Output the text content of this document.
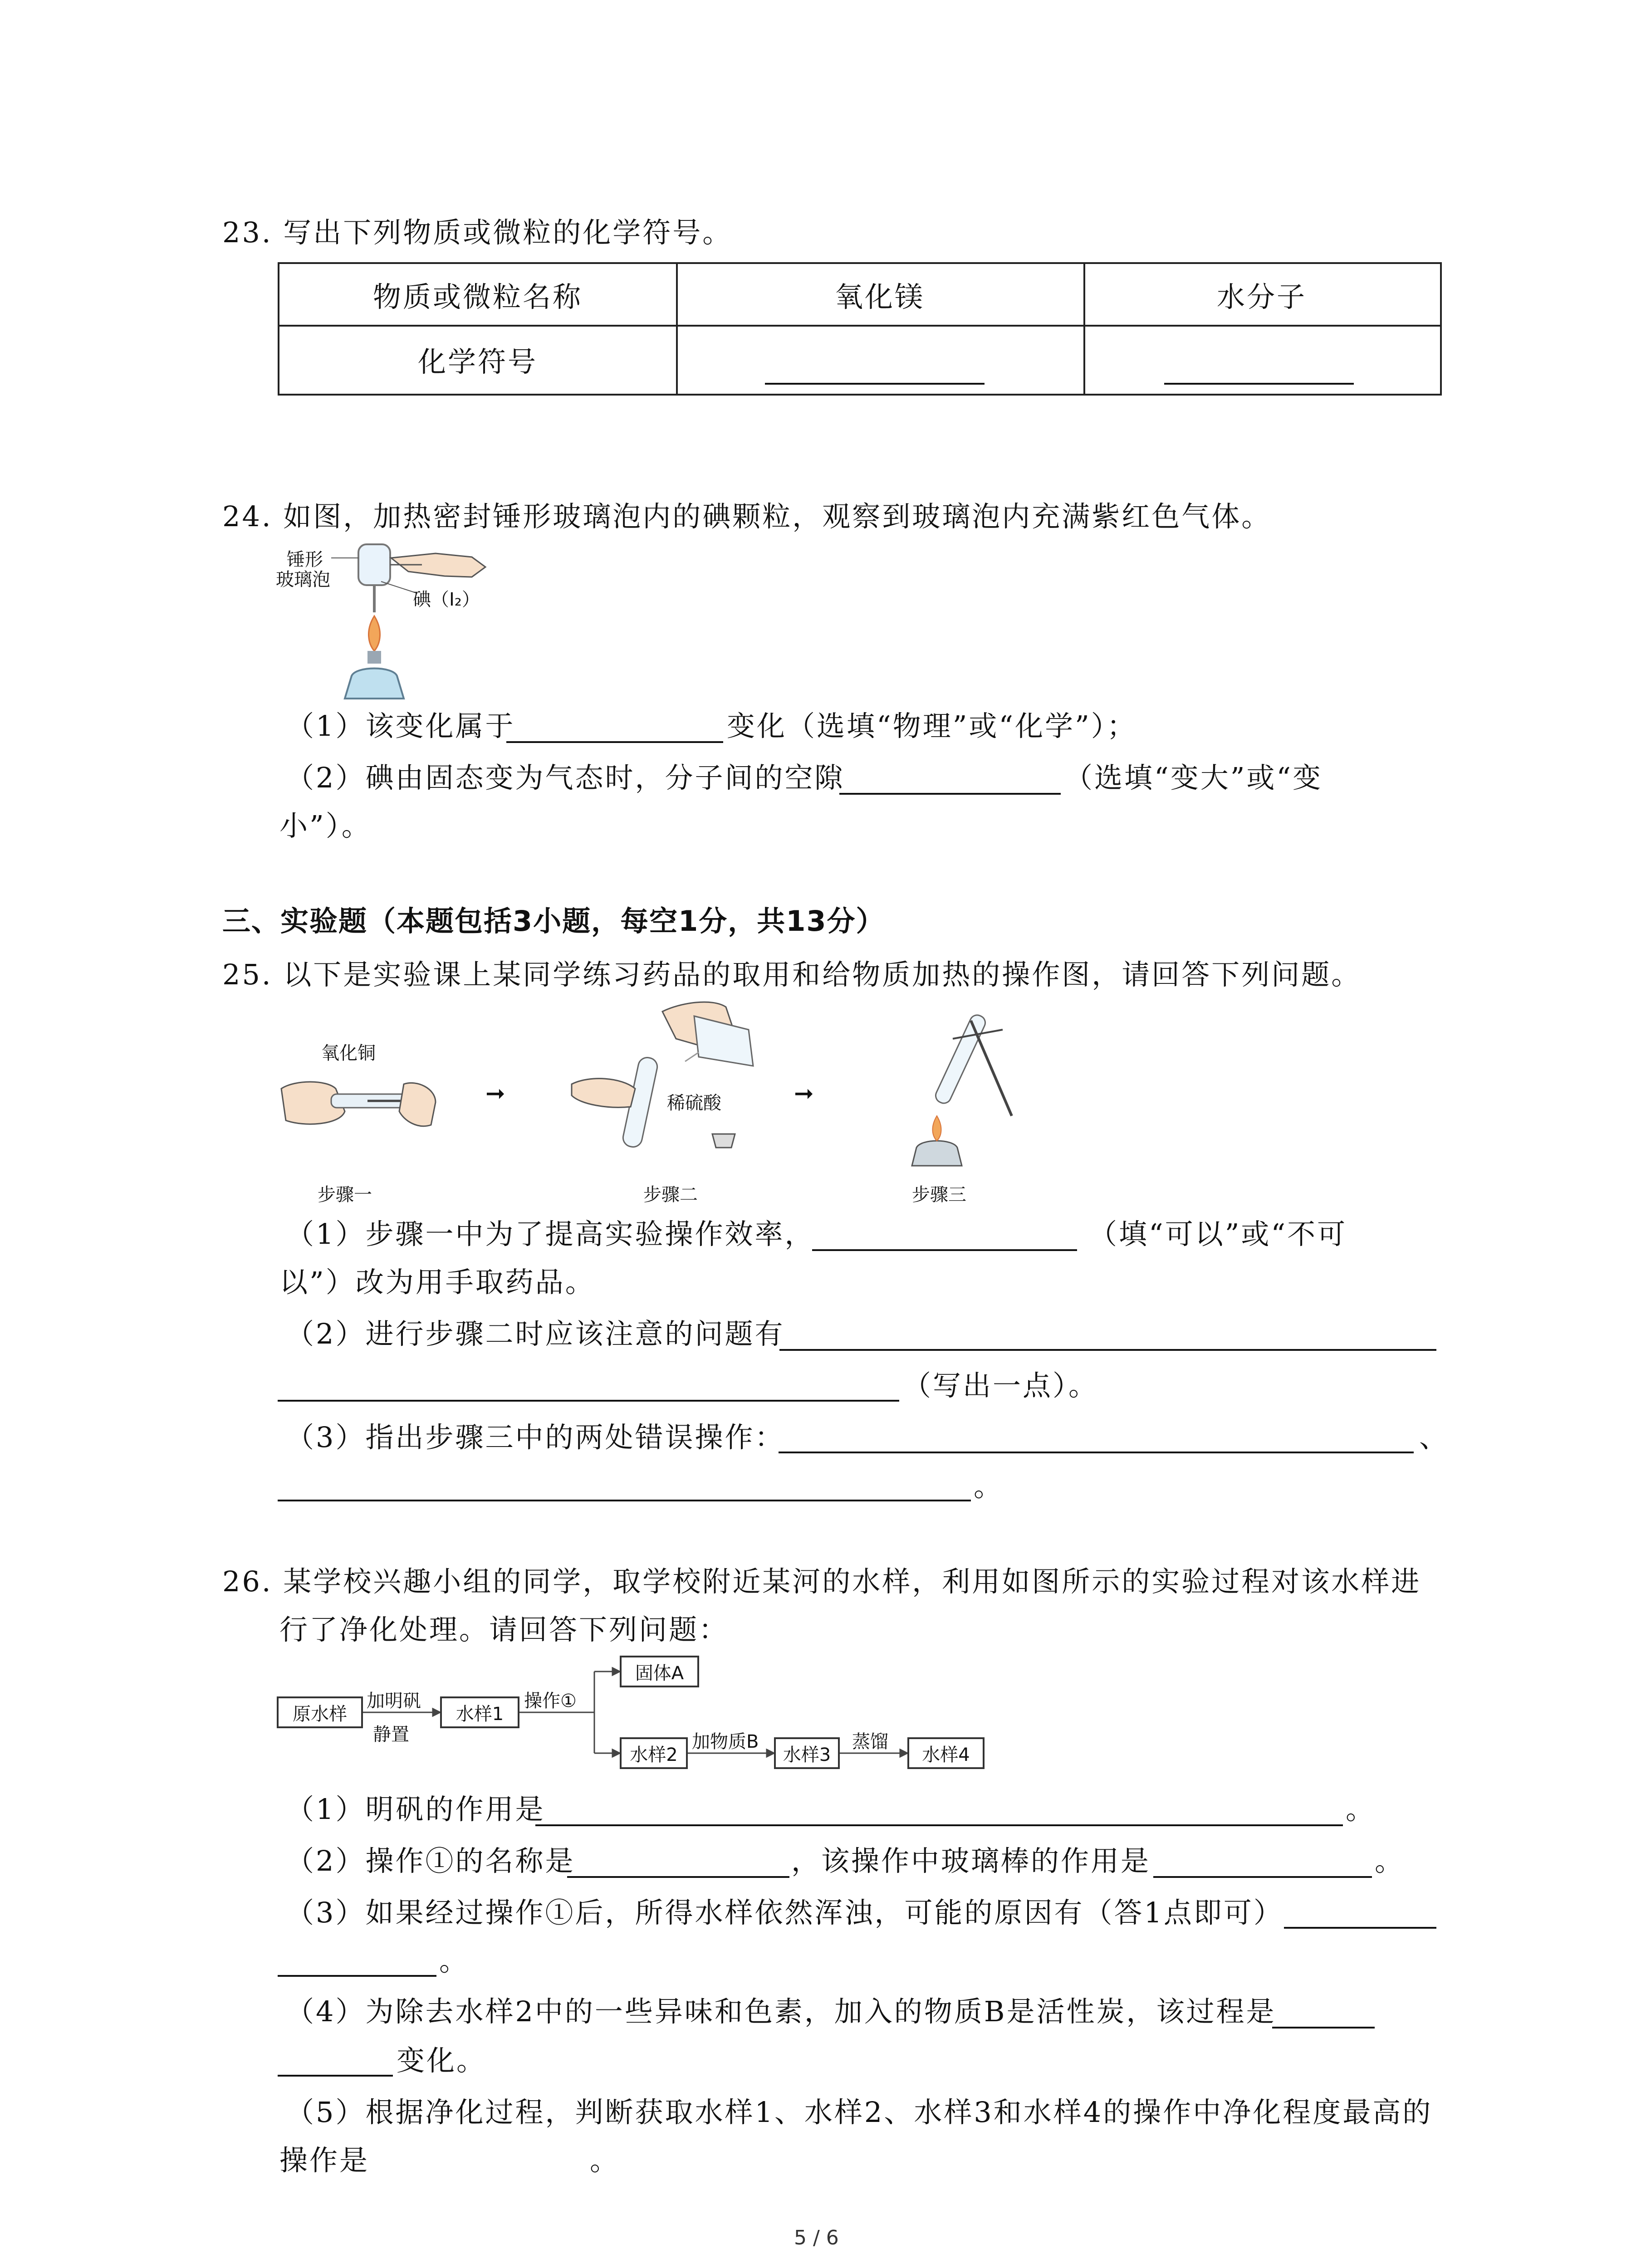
23. 写出下列物质或微粒的化学符号。
物质或微粒名称	氧化镁	水分子
化学符号
24. 如图，加热密封锤形玻璃泡内的碘颗粒，观察到玻璃泡内充满紫红色气体。
锤形
玻璃泡
碘（I₂）
（1）该变化属于	变化（选填“物理”或“化学”）；
（2）碘由固态变为气态时，分子间的空隙	（选填“变大”或“变
小”）。
三、实验题（本题包括3小题，每空1分，共13分）
25. 以下是实验课上某同学练习药品的取用和给物质加热的操作图，请回答下列问题。
氧化铜
➞	稀硫酸	➞
步骤一	步骤二	步骤三
（1）步骤一中为了提高实验操作效率，	（填“可以”或“不可
以”）改为用手取药品。
（2）进行步骤二时应该注意的问题有
（写出一点）。
（3）指出步骤三中的两处错误操作：	、
。
26. 某学校兴趣小组的同学，取学校附近某河的水样，利用如图所示的实验过程对该水样进
行了净化处理。请回答下列问题：
原水样
加明矾
静置
水样1
操作①
固体A
水样2
加物质B
水样3
蒸馏
水样4
（1）明矾的作用是	。
（2）操作①的名称是	，该操作中玻璃棒的作用是	。
（3）如果经过操作①后，所得水样依然浑浊，可能的原因有（答1点即可）
。
（4）为除去水样2中的一些异味和色素，加入的物质B是活性炭，该过程是
变化。
（5）根据净化过程，判断获取水样1、水样2、水样3和水样4的操作中净化程度最高的
操作是	。
5 / 6
